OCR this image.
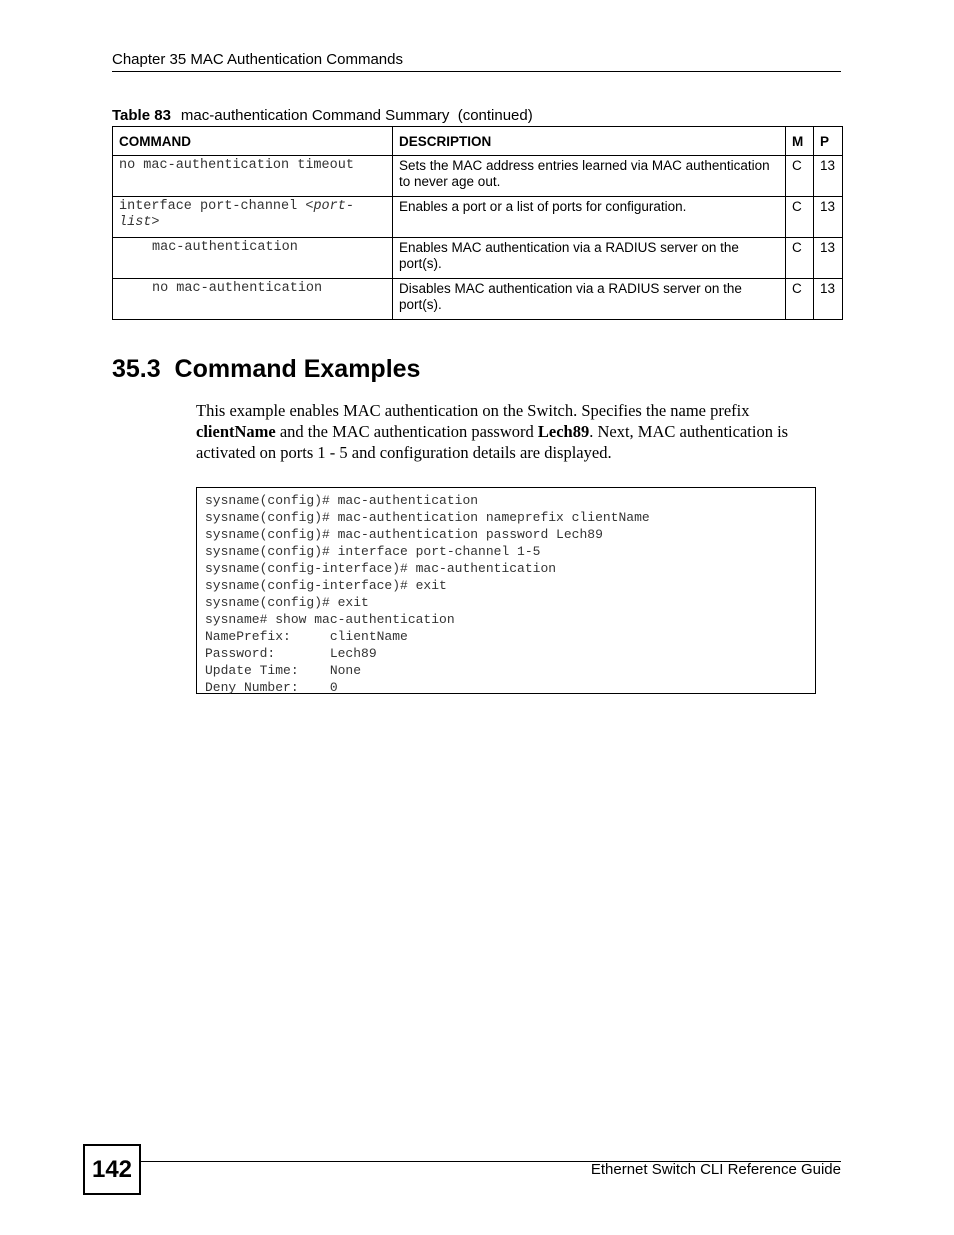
Chapter 35 MAC Authentication Commands
Table 83 mac-authentication Command Summary  (continued)
COMMAND	DESCRIPTION	M	P
no mac-authentication timeout	Sets the MAC address entries learned via MAC authentication to never age out.	C	13
interface port-channel <port-list>	Enables a port or a list of ports for configuration.	C	13
mac-authentication	Enables MAC authentication via a RADIUS server on the port(s).	C	13
no mac-authentication	Disables MAC authentication via a RADIUS server on the port(s).	C	13
35.3  Command Examples
This example enables MAC authentication on the Switch. Specifies the name prefix clientName and the MAC authentication password Lech89. Next, MAC authentication is activated on ports 1 - 5 and configuration details are displayed.
sysname(config)# mac-authentication
sysname(config)# mac-authentication nameprefix clientName
sysname(config)# mac-authentication password Lech89
sysname(config)# interface port-channel 1-5
sysname(config-interface)# mac-authentication
sysname(config-interface)# exit
sysname(config)# exit
sysname# show mac-authentication
NamePrefix:     clientName
Password:       Lech89
Update Time:    None
Deny Number:    0
142	Ethernet Switch CLI Reference Guide
